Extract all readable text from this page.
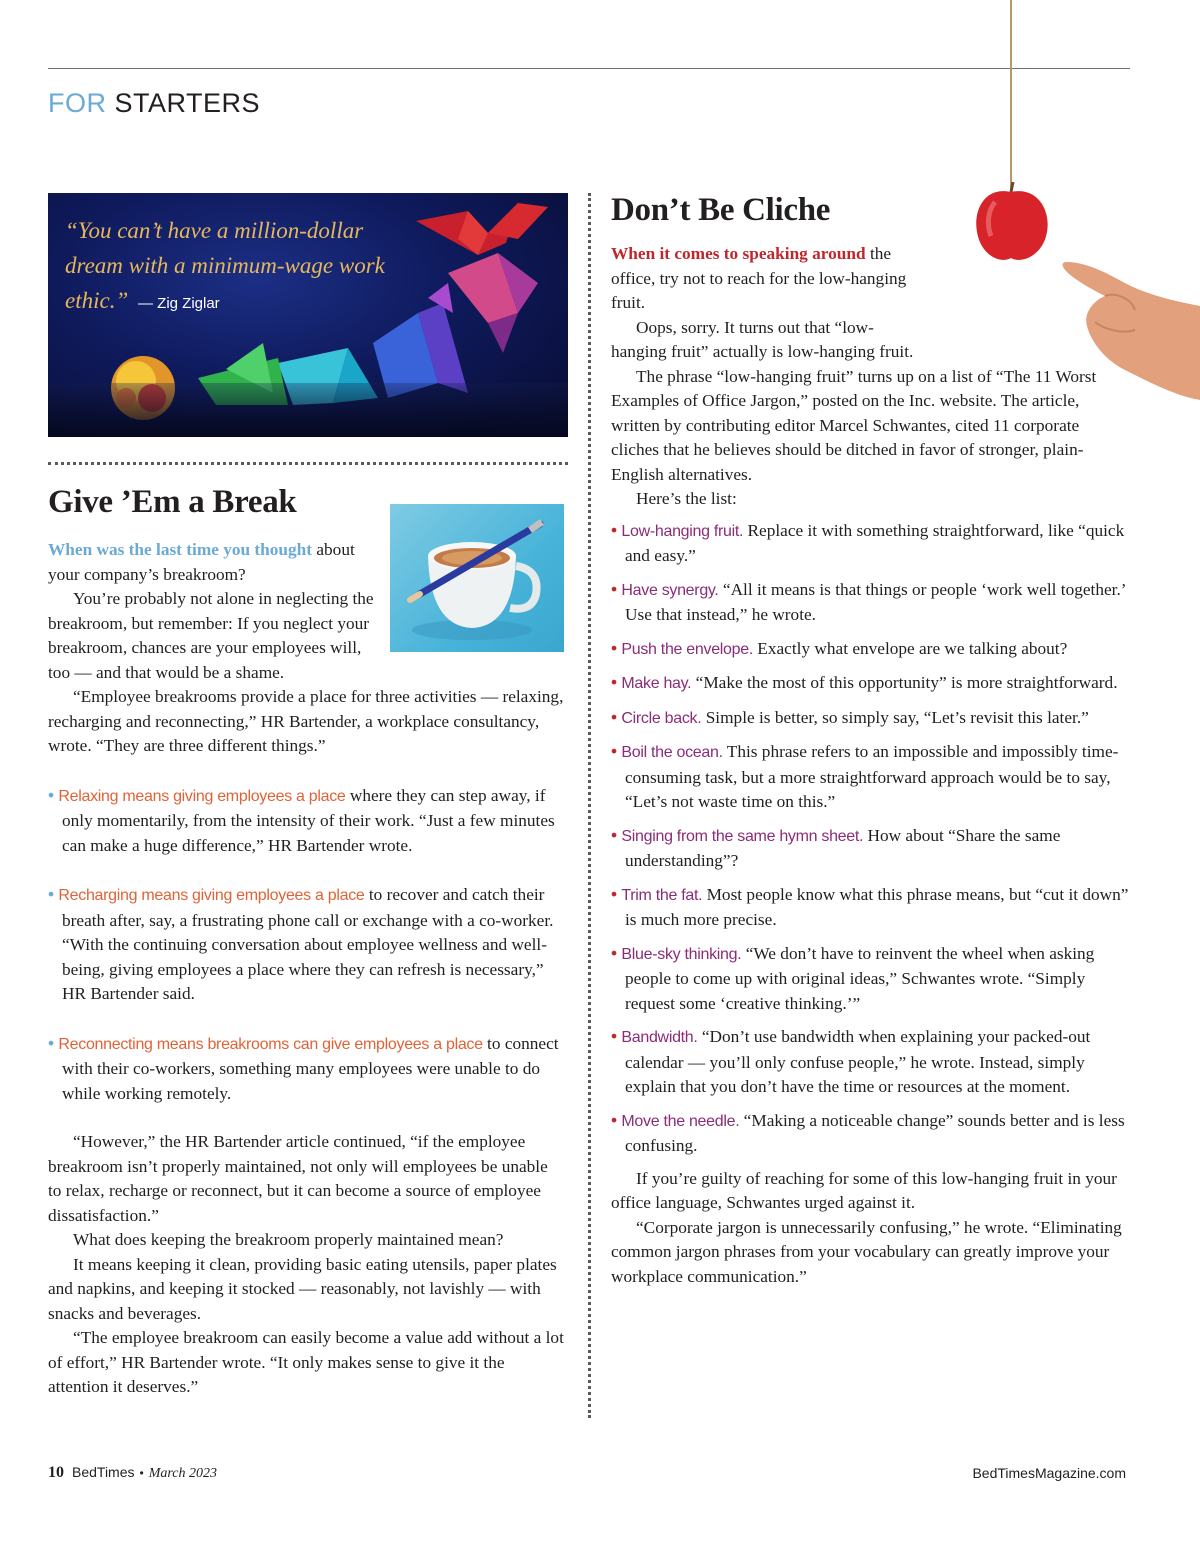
FOR STARTERS
“You can’t have a million-dollar dream with a minimum-wage work ethic.” — Zig Ziglar
Give ’Em a Break

When was the last time you thought about your company’s breakroom?

You’re probably not alone in neglecting the breakroom, but remember: If you neglect your breakroom, chances are your employees will, too — and that would be a shame.

“Employee breakrooms provide a place for three activities — relaxing, recharging and reconnecting,” HR Bartender, a workplace consultancy, wrote. “They are three different things.”

• Relaxing means giving employees a place where they can step away, if only momentarily, from the intensity of their work. “Just a few minutes can make a huge difference,” HR Bartender wrote.
• Recharging means giving employees a place to recover and catch their breath after, say, a frustrating phone call or exchange with a co-worker. “With the continuing conversation about employee wellness and well-being, giving employees a place where they can refresh is necessary,” HR Bartender said.
• Reconnecting means breakrooms can give employees a place to connect with their co-workers, something many employees were unable to do while working remotely.

“However,” the HR Bartender article continued, “if the employee breakroom isn’t properly maintained, not only will employees be unable to relax, recharge or reconnect, but it can become a source of employee dissatisfaction.”

What does keeping the breakroom properly maintained mean?

It means keeping it clean, providing basic eating utensils, paper plates and napkins, and keeping it stocked — reasonably, not lavishly — with snacks and beverages.

“The employee breakroom can easily become a value add without a lot of effort,” HR Bartender wrote. “It only makes sense to give it the attention it deserves.”

Don’t Be Cliche

When it comes to speaking around the office, try not to reach for the low-hanging fruit.

Oops, sorry. It turns out that “low-hanging fruit” actually is low-hanging fruit.

The phrase “low-hanging fruit” turns up on a list of “The 11 Worst Examples of Office Jargon,” posted on the Inc. website. The article, written by contributing editor Marcel Schwantes, cited 11 corporate cliches that he believes should be ditched in favor of stronger, plain-English alternatives.

Here’s the list:

• Low-hanging fruit. Replace it with something straightforward, like “quick and easy.”
• Have synergy. “All it means is that things or people ‘work well together.’ Use that instead,” he wrote.
• Push the envelope. Exactly what envelope are we talking about?
• Make hay. “Make the most of this opportunity” is more straightforward.
• Circle back. Simple is better, so simply say, “Let’s revisit this later.”
• Boil the ocean. This phrase refers to an impossible and impossibly time-consuming task, but a more straightforward approach would be to say, “Let’s not waste time on this.”
• Singing from the same hymn sheet. How about “Share the same understanding”?
• Trim the fat. Most people know what this phrase means, but “cut it down” is much more precise.
• Blue-sky thinking. “We don’t have to reinvent the wheel when asking people to come up with original ideas,” Schwantes wrote. “Simply request some ‘creative thinking.’”
• Bandwidth. “Don’t use bandwidth when explaining your packed-out calendar — you’ll only confuse people,” he wrote. Instead, simply explain that you don’t have the time or resources at the moment.
• Move the needle. “Making a noticeable change” sounds better and is less confusing.

If you’re guilty of reaching for some of this low-hanging fruit in your office language, Schwantes urged against it.

“Corporate jargon is unnecessarily confusing,” he wrote. “Eliminating common jargon phrases from your vocabulary can greatly improve your workplace communication.”

10 BedTimes • March 2023	BedTimesMagazine.com
